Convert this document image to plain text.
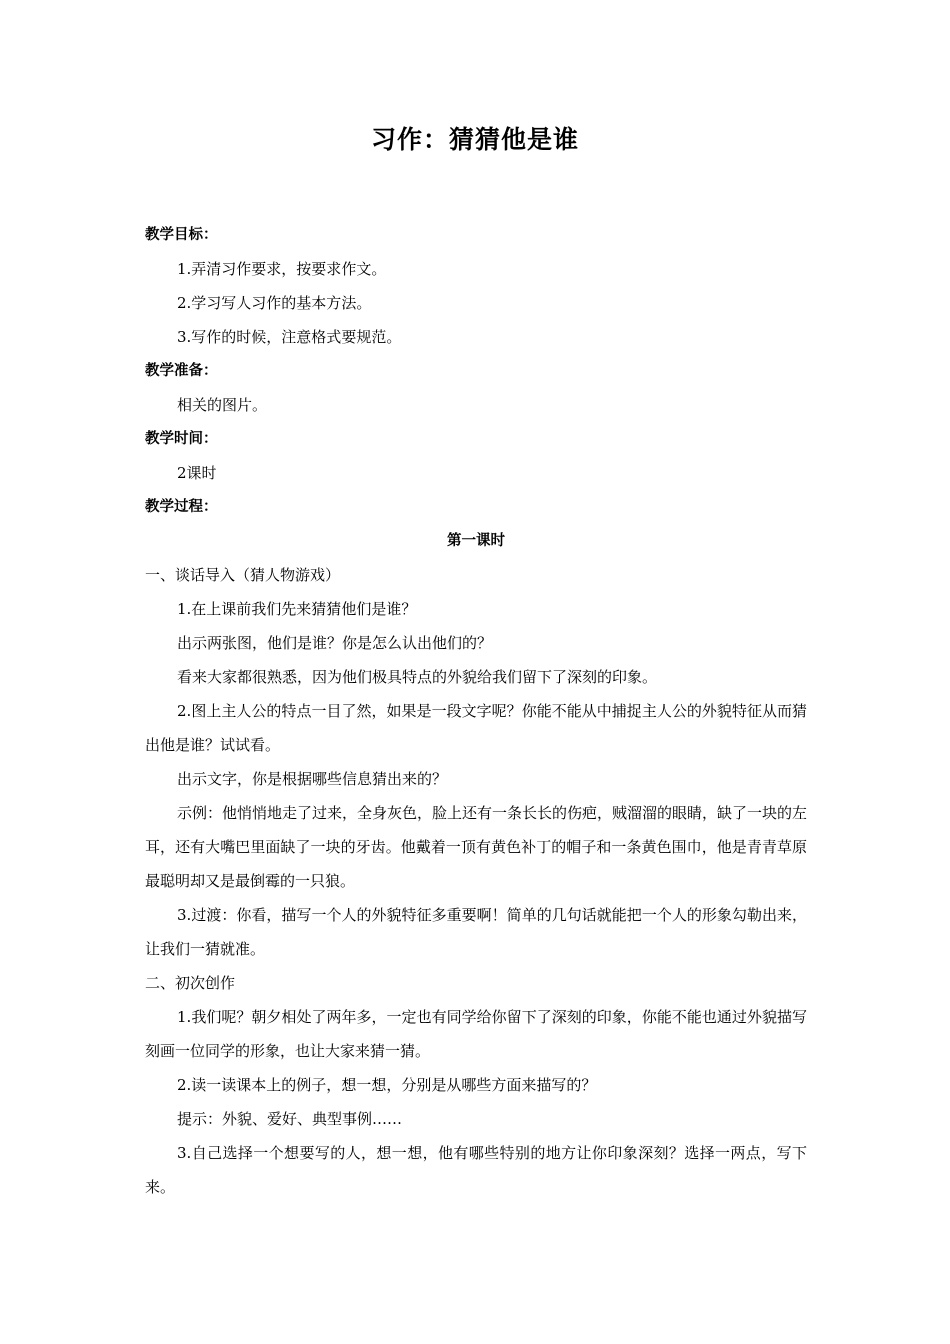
习作：猜猜他是谁

教学目标：

1.弄清习作要求，按要求作文。

2.学习写人习作的基本方法。

3.写作的时候，注意格式要规范。

教学准备：

相关的图片。

教学时间：

2课时

教学过程：

第一课时

一、谈话导入（猜人物游戏）

1.在上课前我们先来猜猜他们是谁？

出示两张图，他们是谁？你是怎么认出他们的？

看来大家都很熟悉，因为他们极具特点的外貌给我们留下了深刻的印象。

2.图上主人公的特点一目了然，如果是一段文字呢？你能不能从中捕捉主人公的外貌特征从而猜出他是谁？试试看。

出示文字，你是根据哪些信息猜出来的？

示例：他悄悄地走了过来，全身灰色，脸上还有一条长长的伤疤，贼溜溜的眼睛，缺了一块的左耳，还有大嘴巴里面缺了一块的牙齿。他戴着一顶有黄色补丁的帽子和一条黄色围巾，他是青青草原最聪明却又是最倒霉的一只狼。

3.过渡：你看，描写一个人的外貌特征多重要啊！简单的几句话就能把一个人的形象勾勒出来，让我们一猜就准。

二、初次创作

1.我们呢？朝夕相处了两年多，一定也有同学给你留下了深刻的印象，你能不能也通过外貌描写刻画一位同学的形象，也让大家来猜一猜。

2.读一读课本上的例子，想一想，分别是从哪些方面来描写的？

提示：外貌、爱好、典型事例……

3.自己选择一个想要写的人，想一想，他有哪些特别的地方让你印象深刻？选择一两点，写下来。
